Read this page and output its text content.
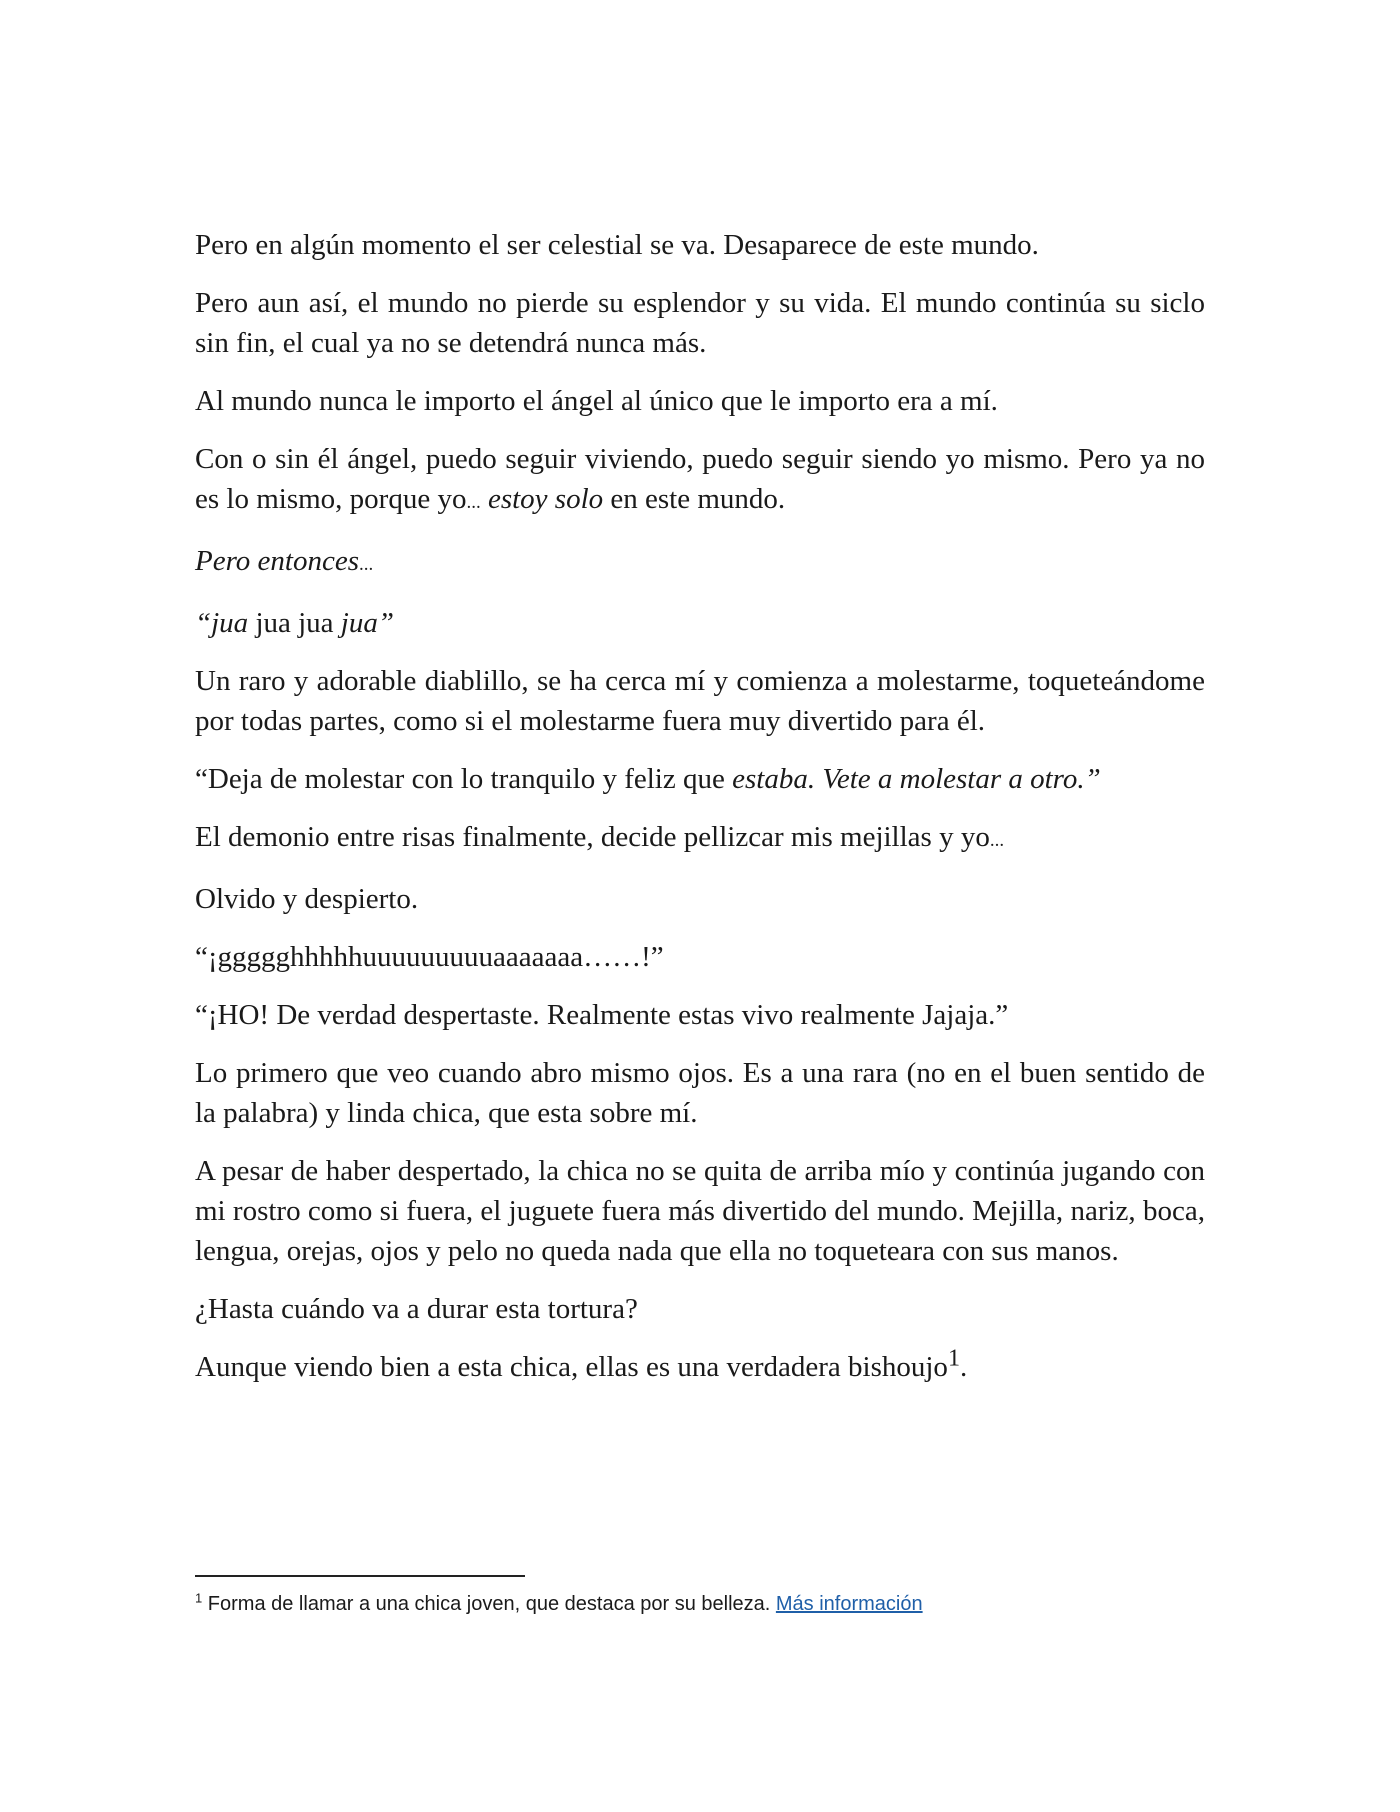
Pero en algún momento el ser celestial se va. Desaparece de este mundo.

Pero aun así, el mundo no pierde su esplendor y su vida. El mundo continúa su siclo sin fin, el cual ya no se detendrá nunca más.

Al mundo nunca le importo el ángel al único que le importo era a mí.

Con o sin él ángel, puedo seguir viviendo, puedo seguir siendo yo mismo. Pero ya no es lo mismo, porque yo... estoy solo en este mundo.

Pero entonces...

“jua jua jua jua”

Un raro y adorable diablillo, se ha cerca mí y comienza a molestarme, toqueteándome por todas partes, como si el molestarme fuera muy divertido para él.

“Deja de molestar con lo tranquilo y feliz que estaba. Vete a molestar a otro.”

El demonio entre risas finalmente, decide pellizcar mis mejillas y yo...

Olvido y despierto.

“¡ggggghhhhhuuuuuuuuuaaaaaaa……!”

“¡HO! De verdad despertaste. Realmente estas vivo realmente Jajaja.”

Lo primero que veo cuando abro mismo ojos. Es a una rara (no en el buen sentido de la palabra) y linda chica, que esta sobre mí.

A pesar de haber despertado, la chica no se quita de arriba mío y continúa jugando con mi rostro como si fuera, el juguete fuera más divertido del mundo. Mejilla, nariz, boca, lengua, orejas, ojos y pelo no queda nada que ella no toqueteara con sus manos.

¿Hasta cuándo va a durar esta tortura?

Aunque viendo bien a esta chica, ellas es una verdadera bishoujo$^1$.

$^1$ Forma de llamar a una chica joven, que destaca por su belleza. Más información
